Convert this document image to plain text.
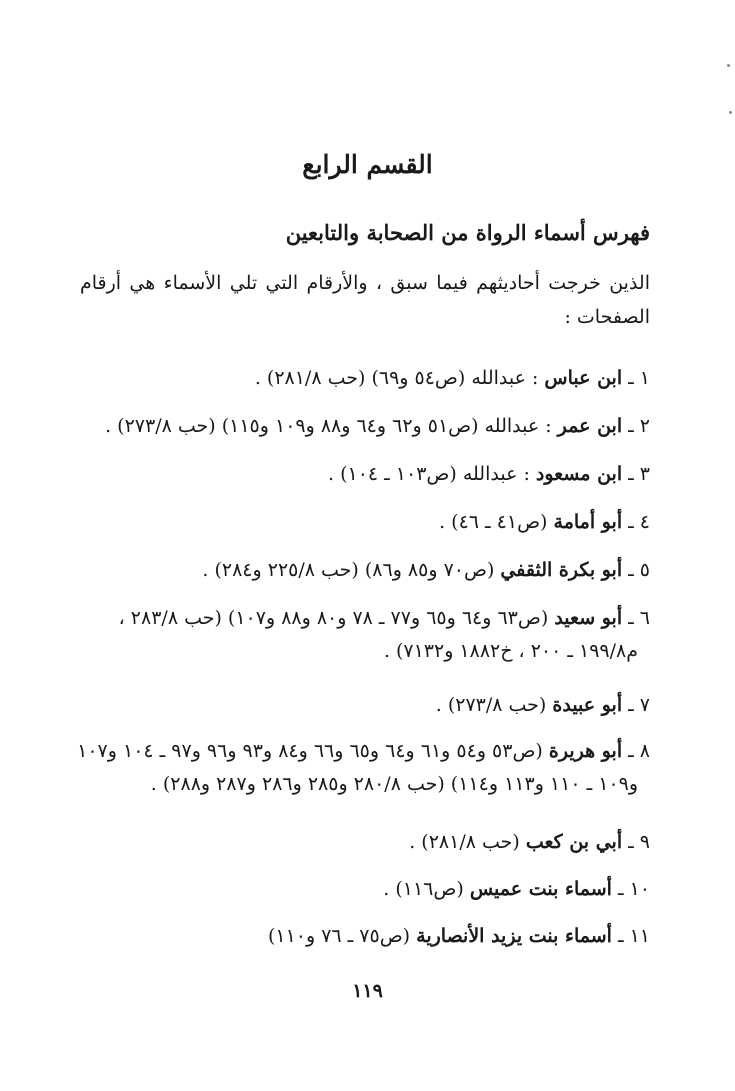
القسم الرابع
فهرس أسماء الرواة من الصحابة والتابعين
الذين خرجت أحاديثهم فيما سبق ، والأرقام التي تلي الأسماء هي أرقام الصفحات :
١ ـ ابن عباس : عبدالله (ص٥٤ و٦٩) (حب ٢٨١/٨) .
٢ ـ ابن عمر : عبدالله (ص٥١ و٦٢ و٦٤ و٨٨ و١٠٩ و١١٥) (حب ٢٧٣/٨) .
٣ ـ ابن مسعود : عبدالله (ص١٠٣ ـ ١٠٤) .
٤ ـ أبو أمامة (ص٤١ ـ ٤٦) .
٥ ـ أبو بكرة الثقفي (ص٧٠ و٨٥ و٨٦) (حب ٢٢٥/٨ و٢٨٤) .
٦ ـ أبو سعيد (ص٦٣ و٦٤ و٦٥ و٧٧ ـ ٧٨ و٨٠ و٨٨ و١٠٧) (حب ٢٨٣/٨ ،
م١٩٩/٨ ـ ٢٠٠ ، خ١٨٨٢ و٧١٣٢) .
٧ ـ أبو عبيدة (حب ٢٧٣/٨) .
٨ ـ أبو هريرة (ص٥٣ و٥٤ و٦١ و٦٤ و٦٥ و٦٦ و٨٤ و٩٣ و٩٦ و٩٧ ـ ١٠٤ و١٠٧
و١٠٩ ـ ١١٠ و١١٣ و١١٤) (حب ٢٨٠/٨ و٢٨٥ و٢٨٦ و٢٨٧ و٢٨٨) .
٩ ـ أبي بن كعب (حب ٢٨١/٨) .
١٠ ـ أسماء بنت عميس (ص١١٦) .
١١ ـ أسماء بنت يزيد الأنصارية (ص٧٥ ـ ٧٦ و١١٠)
١١٩
